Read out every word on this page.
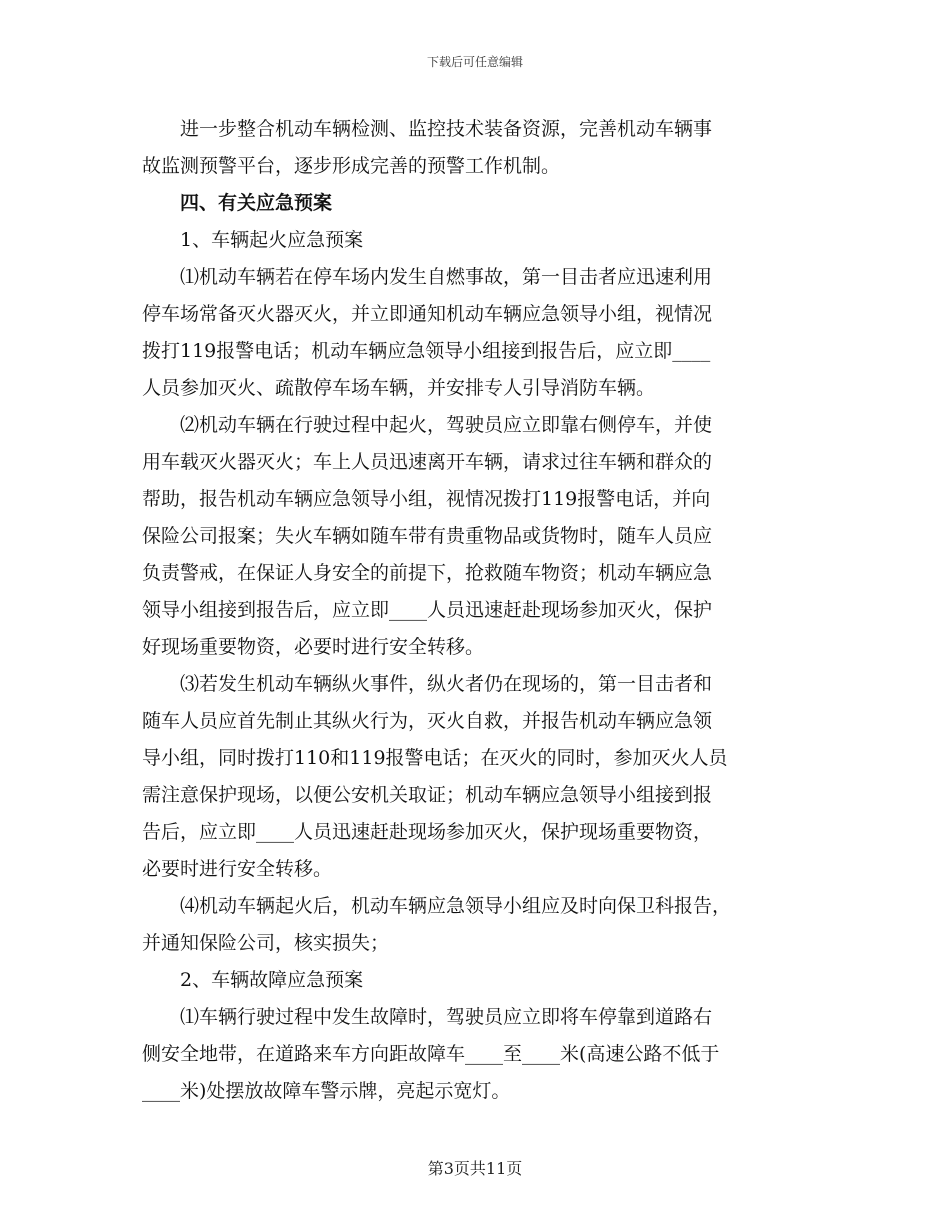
下载后可任意编辑
　　进一步整合机动车辆检测、监控技术装备资源，完善机动车辆事
故监测预警平台，逐步形成完善的预警工作机制。
　　四、有关应急预案
　　1、车辆起火应急预案
　　⑴机动车辆若在停车场内发生自燃事故，第一目击者应迅速利用
停车场常备灭火器灭火，并立即通知机动车辆应急领导小组，视情况
拨打119报警电话；机动车辆应急领导小组接到报告后，应立即____
人员参加灭火、疏散停车场车辆，并安排专人引导消防车辆。
　　⑵机动车辆在行驶过程中起火，驾驶员应立即靠右侧停车，并使
用车载灭火器灭火；车上人员迅速离开车辆，请求过往车辆和群众的
帮助，报告机动车辆应急领导小组，视情况拨打119报警电话，并向
保险公司报案；失火车辆如随车带有贵重物品或货物时，随车人员应
负责警戒，在保证人身安全的前提下，抢救随车物资；机动车辆应急
领导小组接到报告后，应立即____人员迅速赶赴现场参加灭火，保护
好现场重要物资，必要时进行安全转移。
　　⑶若发生机动车辆纵火事件，纵火者仍在现场的，第一目击者和
随车人员应首先制止其纵火行为，灭火自救，并报告机动车辆应急领
导小组，同时拨打110和119报警电话；在灭火的同时，参加灭火人员
需注意保护现场，以便公安机关取证；机动车辆应急领导小组接到报
告后，应立即____人员迅速赶赴现场参加灭火，保护现场重要物资，
必要时进行安全转移。
　　⑷机动车辆起火后，机动车辆应急领导小组应及时向保卫科报告，
并通知保险公司，核实损失；
　　2、车辆故障应急预案
　　⑴车辆行驶过程中发生故障时，驾驶员应立即将车停靠到道路右
侧安全地带，在道路来车方向距故障车____至____米(高速公路不低于
____米)处摆放故障车警示牌，亮起示宽灯。
第3页共11页
